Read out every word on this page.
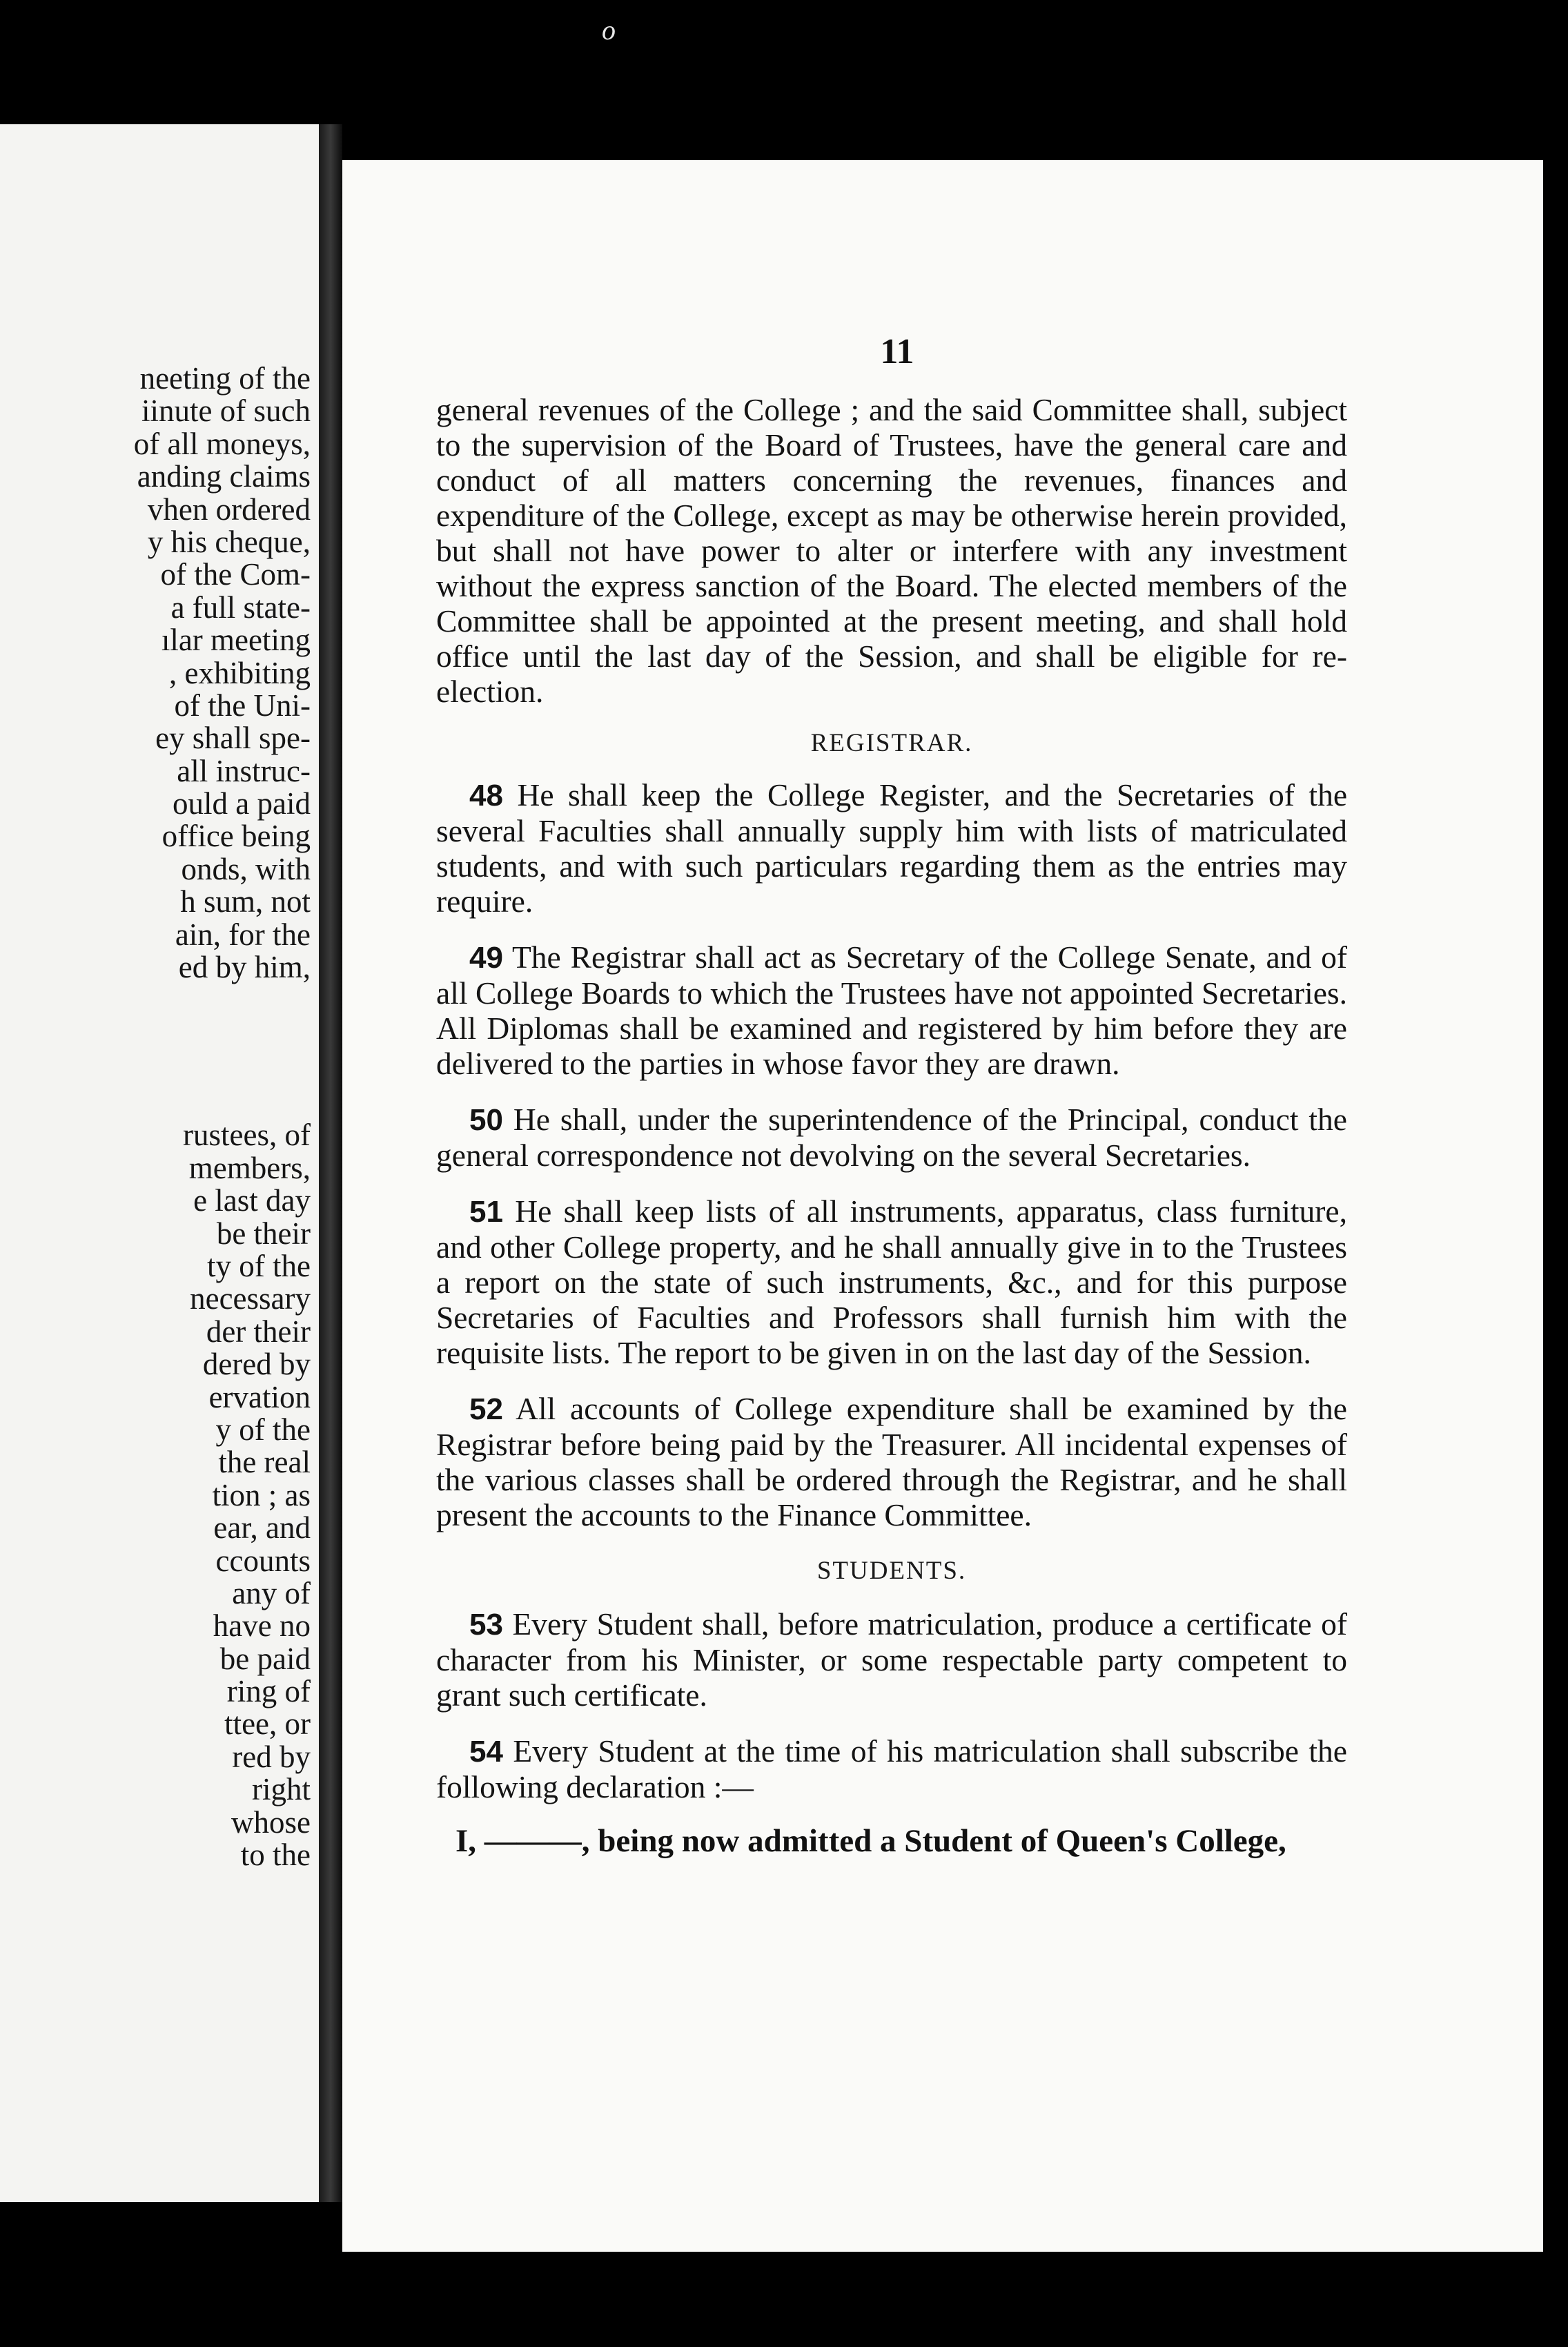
o
neeting of the
iinute of such
of all moneys,
anding claims
vhen ordered
y his cheque,
of the Com-
a full state-
ılar meeting
, exhibiting
of the Uni-
ey shall spe-
all instruc-
ould a paid
office being
onds, with
h sum, not
ain, for the
ed by him,
rustees, of
members,
e last day
be their
ty of the
necessary
der their
dered by
ervation
y of the
the real
tion ; as
ear, and
ccounts
any of
have no
be paid
ring of
ttee, or
red by
right
whose
to the
11

general revenues of the College ; and the said Committee shall, subject to the supervision of the Board of Trustees, have the general care and conduct of all matters concerning the revenues, finances and expenditure of the College, except as may be otherwise herein provided, but shall not have power to alter or interfere with any investment without the express sanction of the Board. The elected members of the Committee shall be appointed at the present meeting, and shall hold office until the last day of the Session, and shall be eligible for re-election.

REGISTRAR.

48 He shall keep the College Register, and the Secretaries of the several Faculties shall annually supply him with lists of matriculated students, and with such particulars regarding them as the entries may require.

49 The Registrar shall act as Secretary of the College Senate, and of all College Boards to which the Trustees have not appointed Secretaries. All Diplomas shall be examined and registered by him before they are delivered to the parties in whose favor they are drawn.

50 He shall, under the superintendence of the Principal, conduct the general correspondence not devolving on the several Secretaries.

51 He shall keep lists of all instruments, apparatus, class furniture, and other College property, and he shall annually give in to the Trustees a report on the state of such instruments, &c., and for this purpose Secretaries of Faculties and Professors shall furnish him with the requisite lists. The report to be given in on the last day of the Session.

52 All accounts of College expenditure shall be examined by the Registrar before being paid by the Treasurer. All incidental expenses of the various classes shall be ordered through the Registrar, and he shall present the accounts to the Finance Committee.

STUDENTS.

53 Every Student shall, before matriculation, produce a certificate of character from his Minister, or some respectable party competent to grant such certificate.

54 Every Student at the time of his matriculation shall subscribe the following declaration :—

I, ———, being now admitted a Student of Queen's College,
